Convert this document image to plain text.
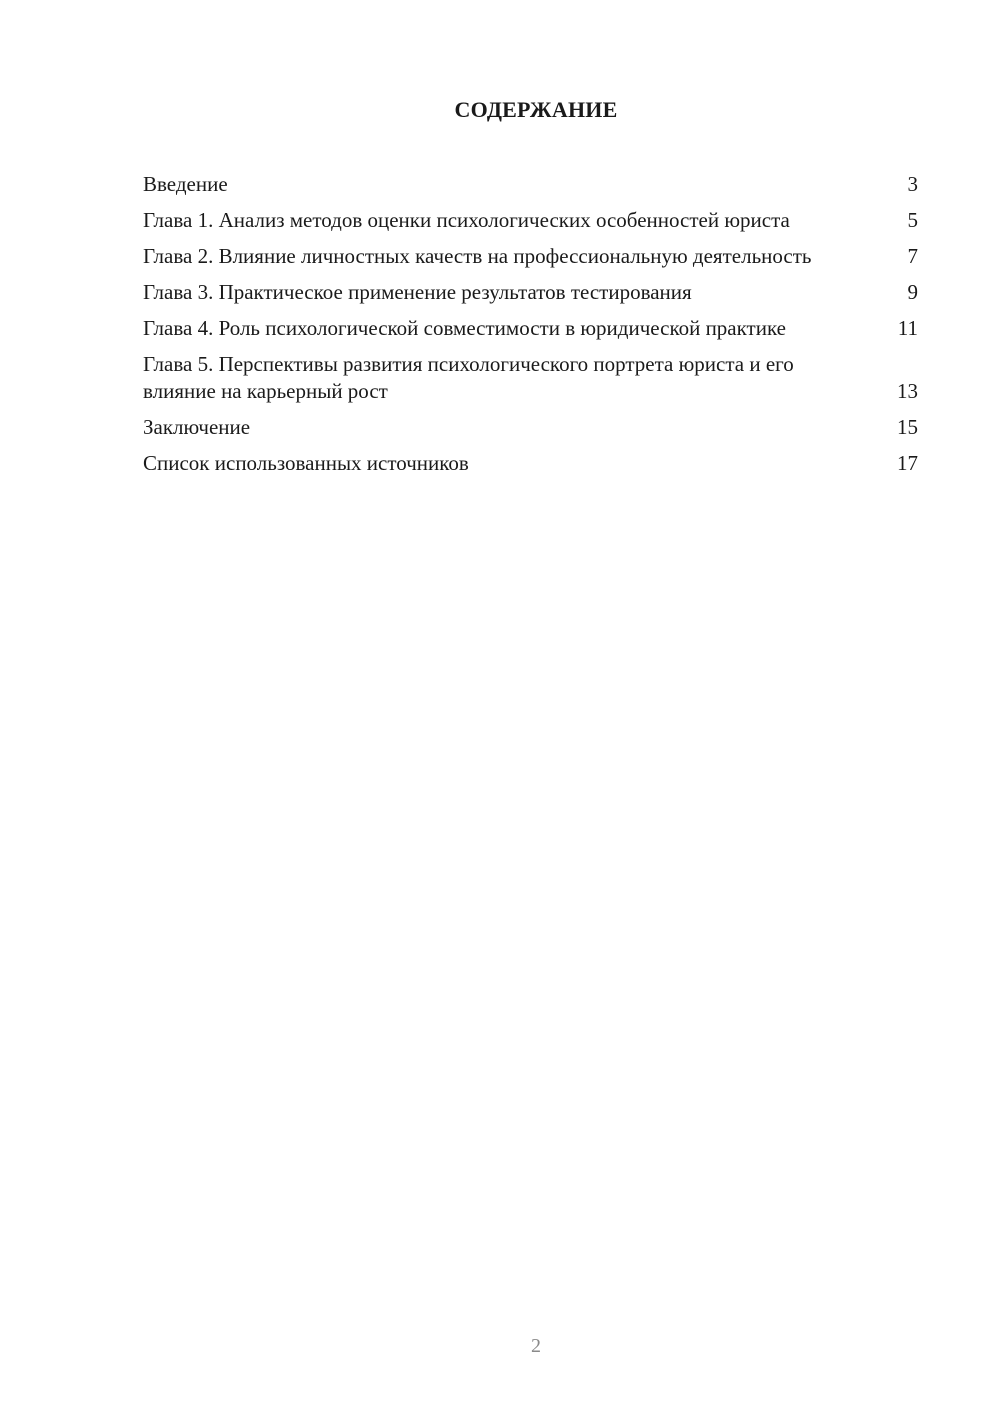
СОДЕРЖАНИЕ
Введение	3
Глава 1. Анализ методов оценки психологических особенностей юриста	5
Глава 2. Влияние личностных качеств на профессиональную деятельность	7
Глава 3. Практическое применение результатов тестирования	9
Глава 4. Роль психологической совместимости в юридической практике	11
Глава 5. Перспективы развития психологического портрета юриста и его влияние на карьерный рост	13
Заключение	15
Список использованных источников	17
2
